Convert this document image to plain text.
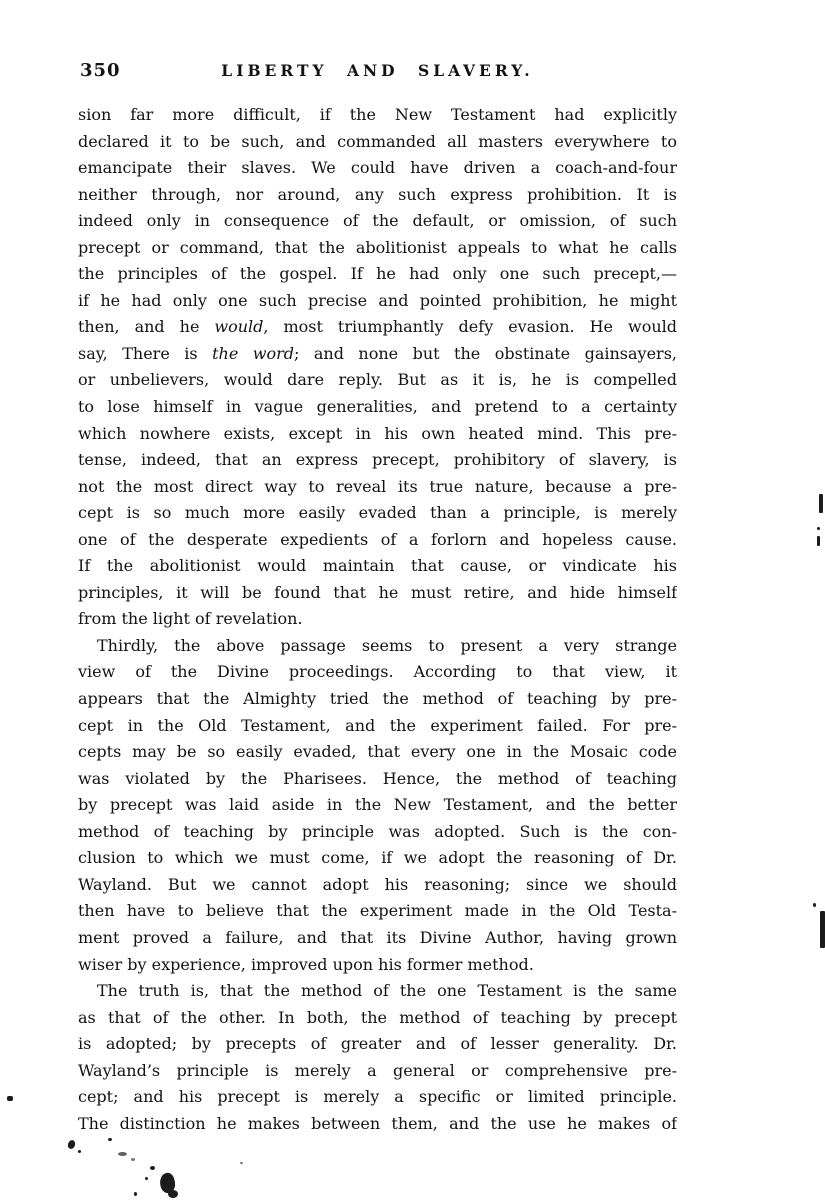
350	LIBERTY AND SLAVERY.
sion far more difficult, if the New Testament had explicitly
declared it to be such, and commanded all masters everywhere to
emancipate their slaves. We could have driven a coach-and-four
neither through, nor around, any such express prohibition. It is
indeed only in consequence of the default, or omission, of such
precept or command, that the abolitionist appeals to what he calls
the principles of the gospel. If he had only one such precept,—
if he had only one such precise and pointed prohibition, he might
then, and he would, most triumphantly defy evasion. He would
say, There is the word; and none but the obstinate gainsayers,
or unbelievers, would dare reply. But as it is, he is compelled
to lose himself in vague generalities, and pretend to a certainty
which nowhere exists, except in his own heated mind. This pre-
tense, indeed, that an express precept, prohibitory of slavery, is
not the most direct way to reveal its true nature, because a pre-
cept is so much more easily evaded than a principle, is merely
one of the desperate expedients of a forlorn and hopeless cause.
If the abolitionist would maintain that cause, or vindicate his
principles, it will be found that he must retire, and hide himself
from the light of revelation.
Thirdly, the above passage seems to present a very strange
view of the Divine proceedings. According to that view, it
appears that the Almighty tried the method of teaching by pre-
cept in the Old Testament, and the experiment failed. For pre-
cepts may be so easily evaded, that every one in the Mosaic code
was violated by the Pharisees. Hence, the method of teaching
by precept was laid aside in the New Testament, and the better
method of teaching by principle was adopted. Such is the con-
clusion to which we must come, if we adopt the reasoning of Dr.
Wayland. But we cannot adopt his reasoning; since we should
then have to believe that the experiment made in the Old Testa-
ment proved a failure, and that its Divine Author, having grown
wiser by experience, improved upon his former method.
The truth is, that the method of the one Testament is the same
as that of the other. In both, the method of teaching by precept
is adopted; by precepts of greater and of lesser generality. Dr.
Wayland’s principle is merely a general or comprehensive pre-
cept; and his precept is merely a specific or limited principle.
The distinction he makes between them, and the use he makes of
